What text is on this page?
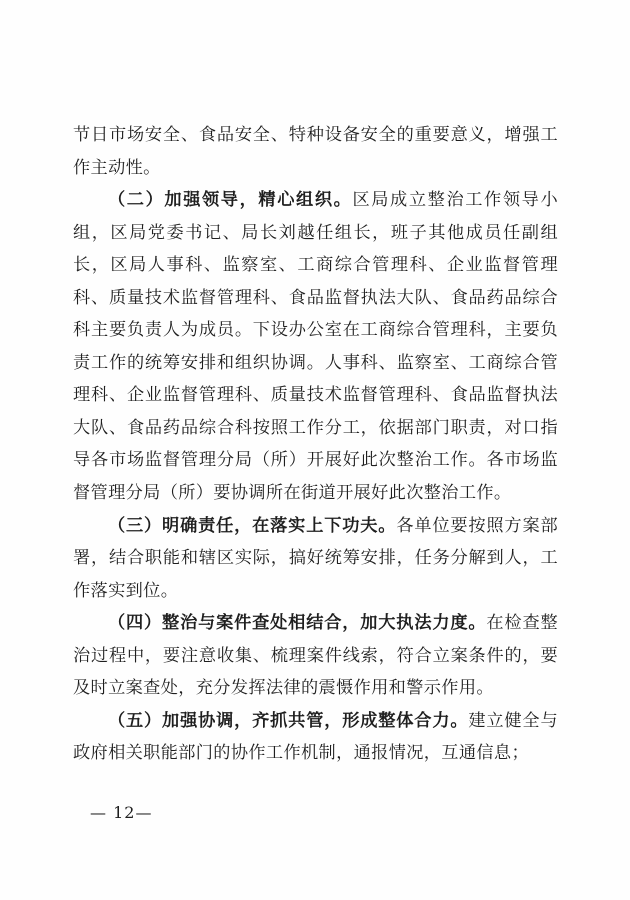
节日市场安全、食品安全、特种设备安全的重要意义，增强工作主动性。

（二）加强领导，精心组织。区局成立整治工作领导小组，区局党委书记、局长刘越任组长，班子其他成员任副组长，区局人事科、监察室、工商综合管理科、企业监督管理科、质量技术监督管理科、食品监督执法大队、食品药品综合科主要负责人为成员。下设办公室在工商综合管理科，主要负责工作的统筹安排和组织协调。人事科、监察室、工商综合管理科、企业监督管理科、质量技术监督管理科、食品监督执法大队、食品药品综合科按照工作分工，依据部门职责，对口指导各市场监督管理分局（所）开展好此次整治工作。各市场监督管理分局（所）要协调所在街道开展好此次整治工作。

（三）明确责任，在落实上下功夫。各单位要按照方案部署，结合职能和辖区实际，搞好统筹安排，任务分解到人，工作落实到位。

（四）整治与案件查处相结合，加大执法力度。在检查整治过程中，要注意收集、梳理案件线索，符合立案条件的，要及时立案查处，充分发挥法律的震慑作用和警示作用。

（五）加强协调，齐抓共管，形成整体合力。建立健全与政府相关职能部门的协作工作机制，通报情况，互通信息；

— 12—
